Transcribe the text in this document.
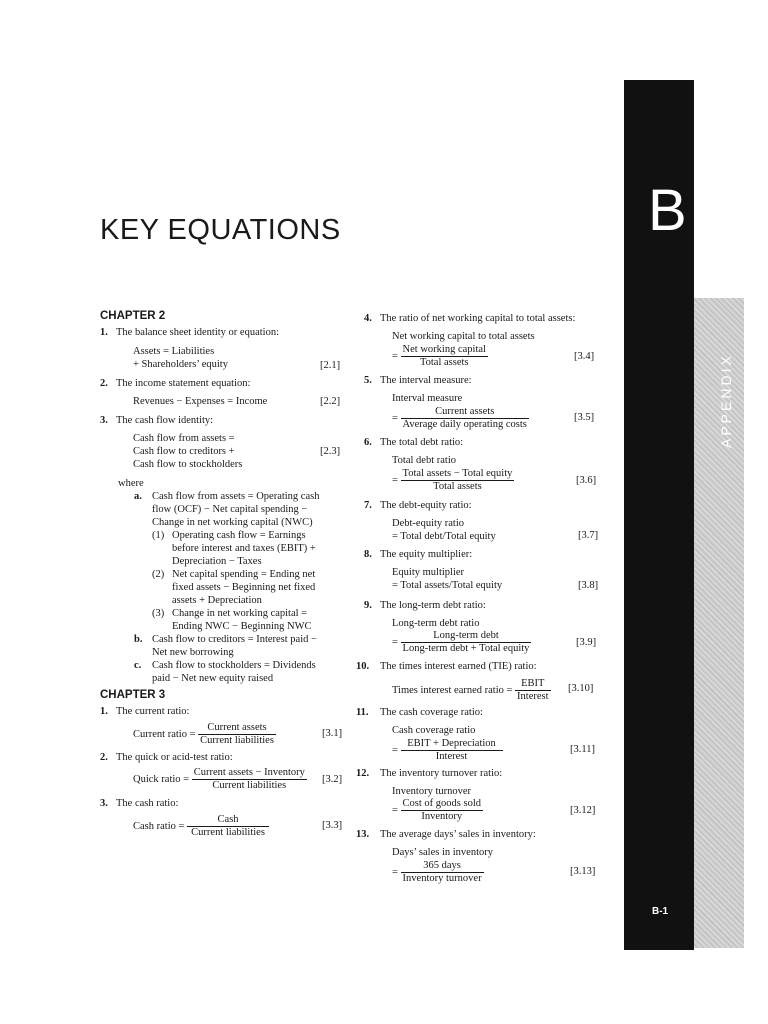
B
APPENDIX
B-1
KEY EQUATIONS
CHAPTER 2
1. The balance sheet identity or equation:
Assets = Liabilities
+ Shareholders’ equity	[2.1]
2. The income statement equation:
Revenues − Expenses = Income	[2.2]
3. The cash flow identity:
Cash flow from assets =
Cash flow to creditors +
Cash flow to stockholders
[2.3]
where
a. Cash flow from assets = Operating cash
flow (OCF) − Net capital spending −
Change in net working capital (NWC)
(1) Operating cash flow = Earnings
before interest and taxes (EBIT) +
Depreciation − Taxes
(2) Net capital spending = Ending net
fixed assets − Beginning net fixed
assets + Depreciation
(3) Change in net working capital =
Ending NWC − Beginning NWC
b. Cash flow to creditors = Interest paid −
Net new borrowing
c. Cash flow to stockholders = Dividends
paid − Net new equity raised
CHAPTER 3
1. The current ratio:
Current ratio = $\frac{\text{Current assets}}{\text{Current liabilities}}$	[3.1]
2. The quick or acid-test ratio:
Quick ratio = $\frac{\text{Current assets − Inventory}}{\text{Current liabilities}} [3.2]$
3. The cash ratio:
Cash ratio = $\frac{\text{Cash}}{\text{Current liabilities}}$	[3.3]
4. The ratio of net working capital to total assets:
Net working capital to total assets
= $\frac{\text{Net working capital}}{\text{Total assets}}$	[3.4]
5. The interval measure:
Interval measure
= $\frac{\text{Current assets}}{\text{Average daily operating costs}}$	[3.5]
6. The total debt ratio:
Total debt ratio
= $\frac{\text{Total assets − Total equity}}{\text{Total assets}}$	[3.6]
7. The debt-equity ratio:
Debt-equity ratio
= Total debt/Total equity	[3.7]
8. The equity multiplier:
Equity multiplier
= Total assets/Total equity	[3.8]
9. The long-term debt ratio:
Long-term debt ratio
= $\frac{\text{Long-term debt}}{\text{Long-term debt + Total equity}}$	[3.9]
10. The times interest earned (TIE) ratio:
Times interest earned ratio = $\frac{\text{EBIT}}{\text{Interest}} [3.10]$
11. The cash coverage ratio:
Cash coverage ratio
= $\frac{\text{EBIT + Depreciation}}{\text{Interest}}$	[3.11]
12. The inventory turnover ratio:
Inventory turnover
= $\frac{\text{Cost of goods sold}}{\text{Inventory}}$	[3.12]
13. The average days’ sales in inventory:
Days’ sales in inventory
= $\frac{\text{365 days}}{\text{Inventory turnover}}$	[3.13]
